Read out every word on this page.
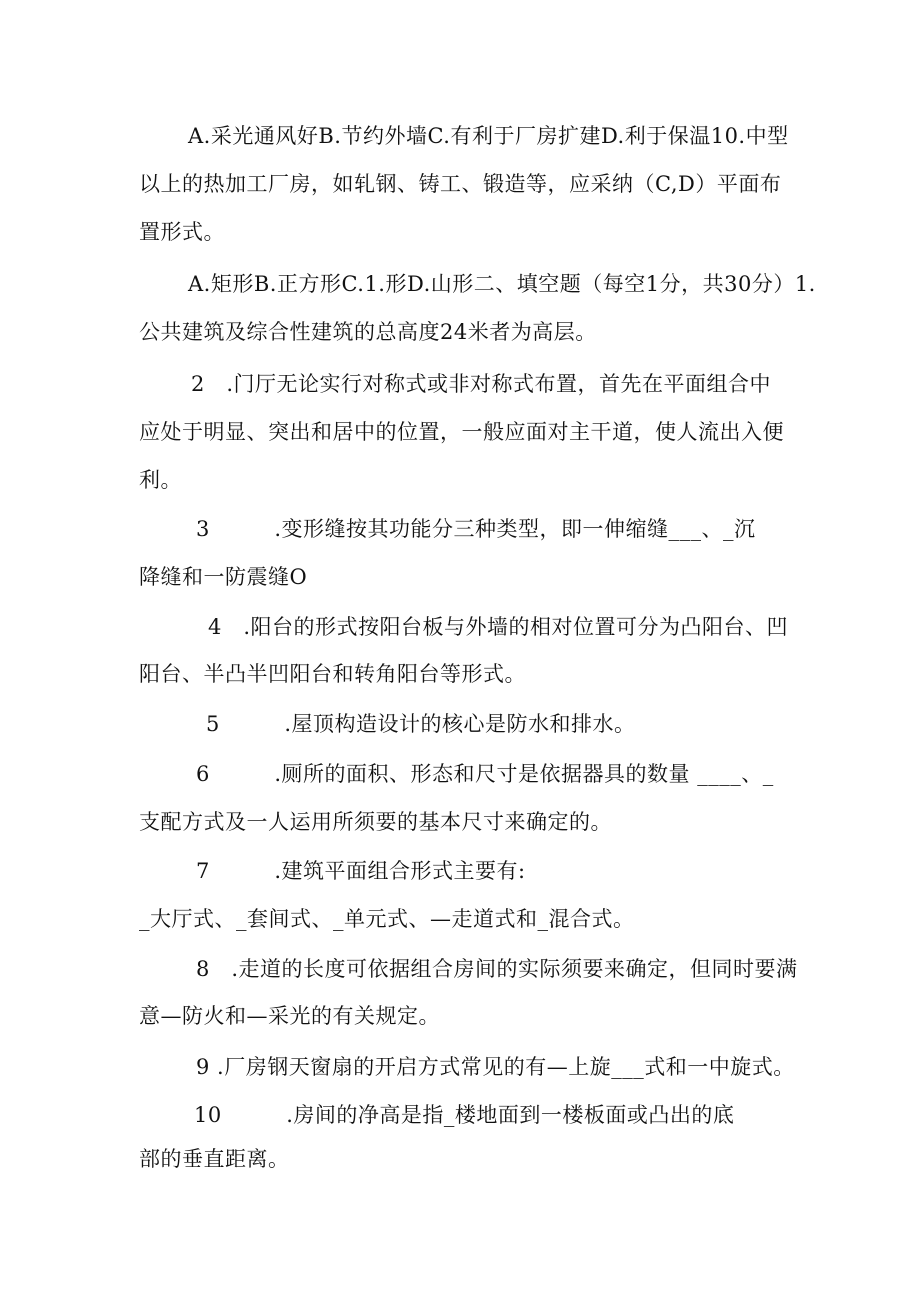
A.采光通风好B.节约外墙C.有利于厂房扩建D.利于保温10.中型
以上的热加工厂房，如轧钢、铸工、锻造等，应采纳（C,D）平面布
置形式。
A.矩形B.正方形C.1.形D.山形二、填空题（每空1分，共30分）1.
公共建筑及综合性建筑的总高度24米者为高层。
2　.门厅无论实行对称式或非对称式布置，首先在平面组合中
应处于明显、突出和居中的位置，一般应面对主干道，使人流出入便
利。
3　　　.变形缝按其功能分三种类型，即一伸缩缝___、_沉
降缝和一防震缝O
4　.阳台的形式按阳台板与外墙的相对位置可分为凸阳台、凹
阳台、半凸半凹阳台和转角阳台等形式。
5　　　.屋顶构造设计的核心是防水和排水。
6　　　.厕所的面积、形态和尺寸是依据器具的数量 ____、_
支配方式及一人运用所须要的基本尺寸来确定的。
7　　　.建筑平面组合形式主要有:
_大厅式、_套间式、_单元式、—走道式和_混合式。
8　.走道的长度可依据组合房间的实际须要来确定，但同时要满
意—防火和—采光的有关规定。
9 .厂房钢天窗扇的开启方式常见的有—上旋___式和一中旋式。
10　　　.房间的净高是指_楼地面到一楼板面或凸出的底
部的垂直距离。
